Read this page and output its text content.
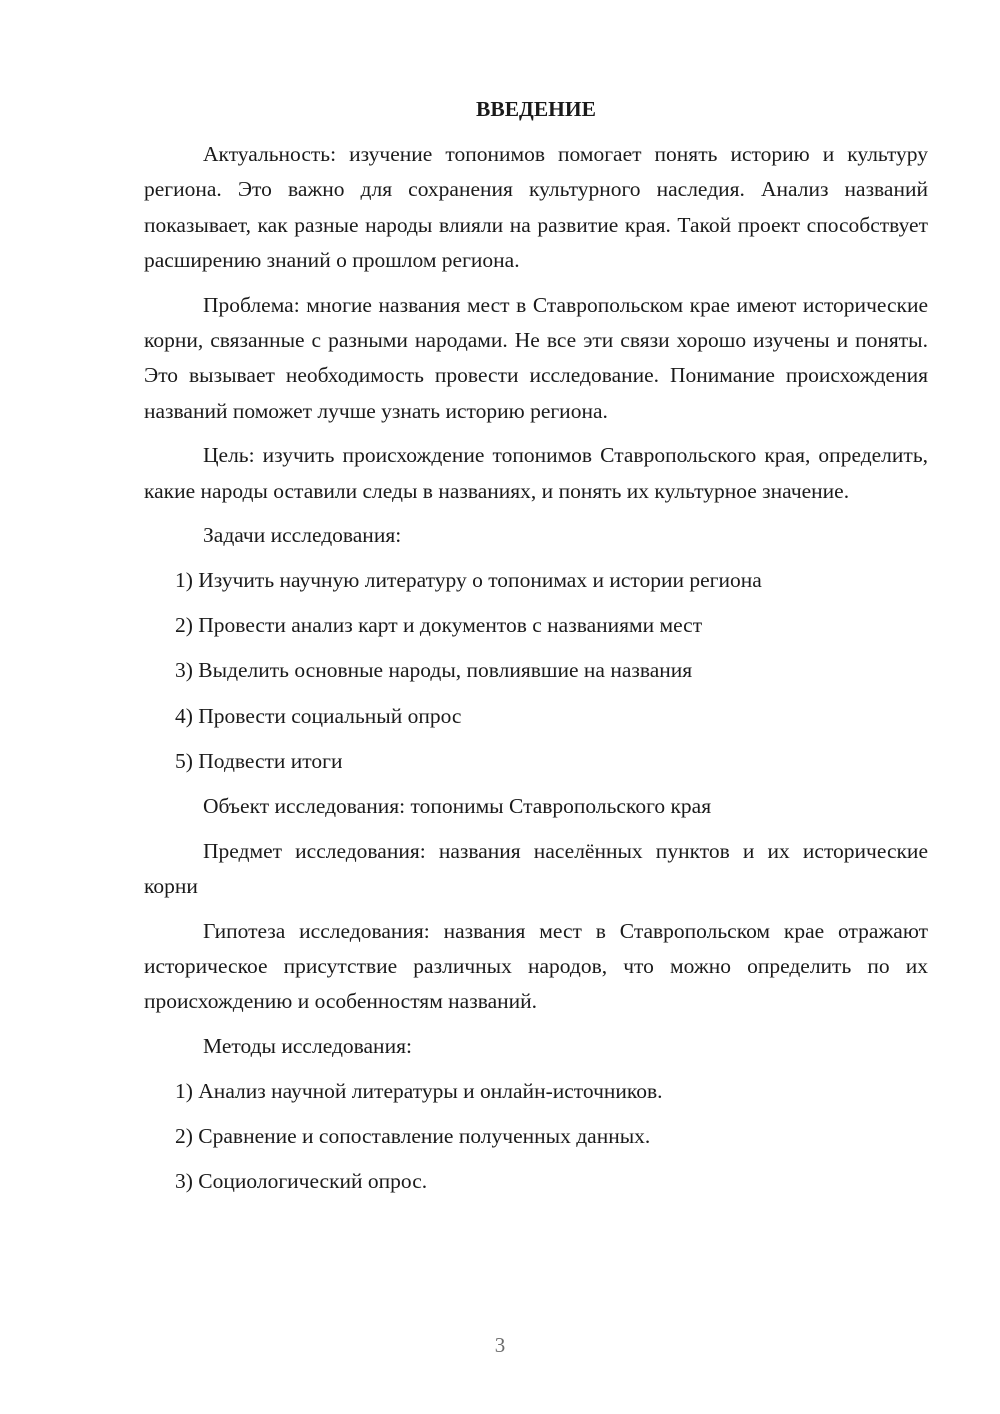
ВВЕДЕНИЕ

Актуальность: изучение топонимов помогает понять историю и культуру региона. Это важно для сохранения культурного наследия. Анализ названий показывает, как разные народы влияли на развитие края. Такой проект способствует расширению знаний о прошлом региона.

Проблема: многие названия мест в Ставропольском крае имеют исторические корни, связанные с разными народами. Не все эти связи хорошо изучены и поняты. Это вызывает необходимость провести исследование. Понимание происхождения названий поможет лучше узнать историю региона.

Цель: изучить происхождение топонимов Ставропольского края, определить, какие народы оставили следы в названиях, и понять их культурное значение.

Задачи исследования:

1) Изучить научную литературу о топонимах и истории региона
2) Провести анализ карт и документов с названиями мест
3) Выделить основные народы, повлиявшие на названия
4) Провести социальный опрос
5) Подвести итоги

Объект исследования: топонимы Ставропольского края

Предмет исследования: названия населённых пунктов и их исторические корни

Гипотеза исследования: названия мест в Ставропольском крае отражают историческое присутствие различных народов, что можно определить по их происхождению и особенностям названий.

Методы исследования:

1) Анализ научной литературы и онлайн-источников.
2) Сравнение и сопоставление полученных данных.
3) Социологический опрос.
3
